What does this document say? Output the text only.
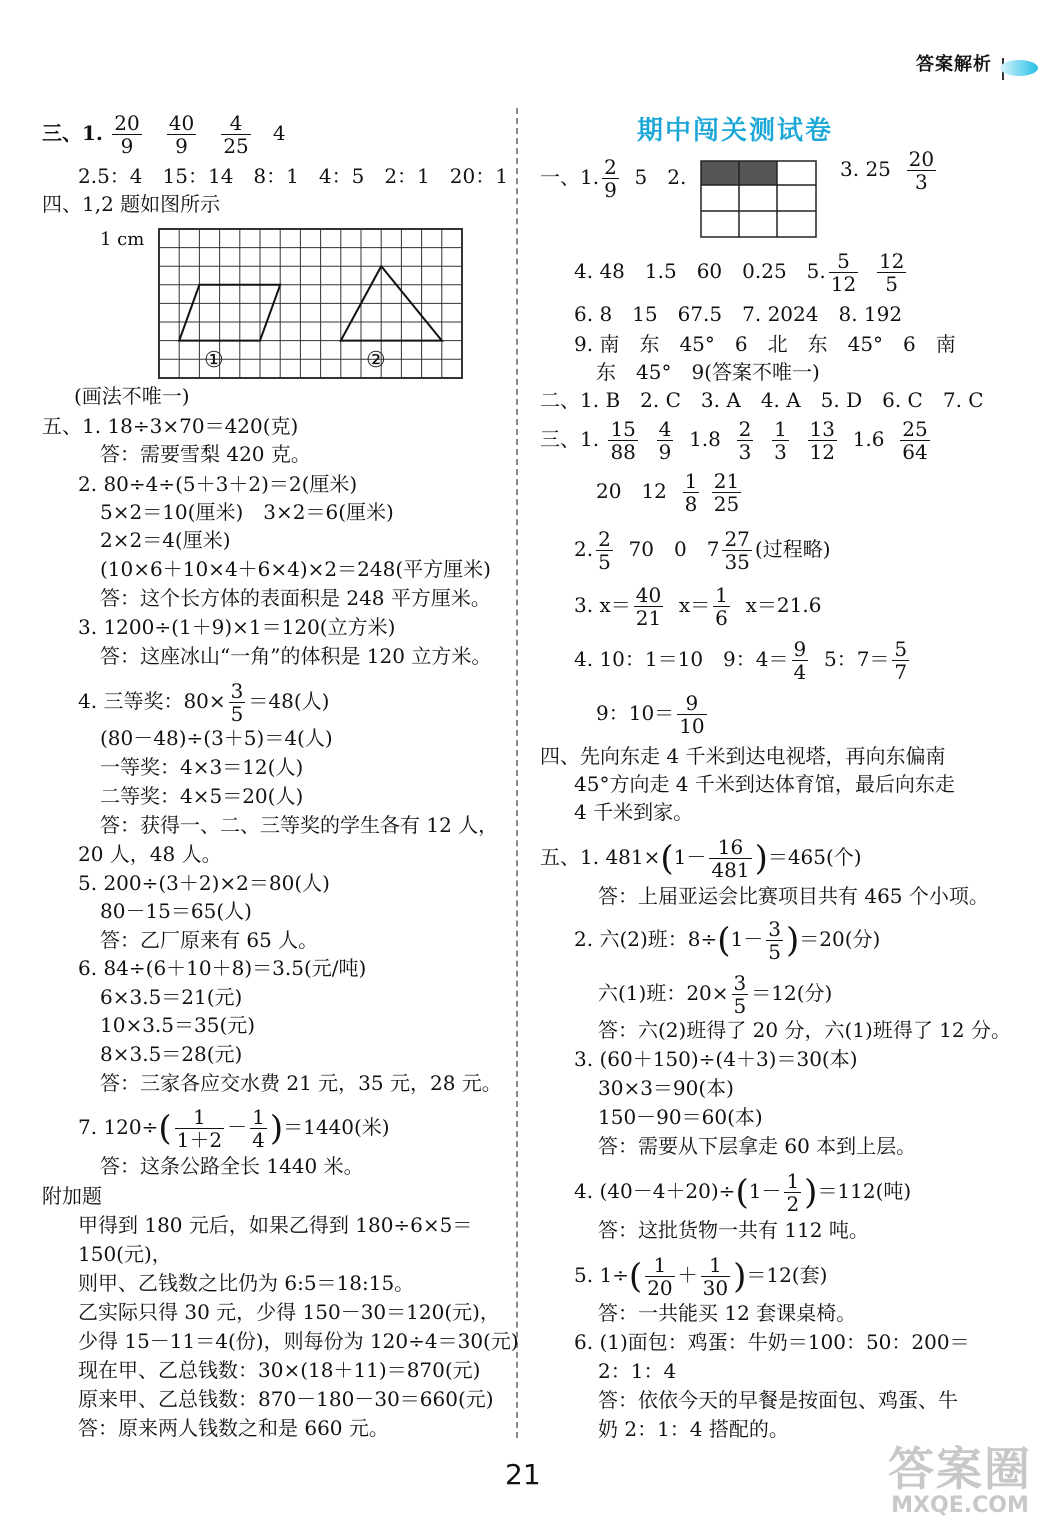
答案解析
三、1. $\frac{20}{9}$
$\frac{40}{9}$
$\frac{4}{25} 4$
2.5：4　15：14　8：1　4：5　2：1　20：1
四、1,2 题如图所示
1 cm
①	②
(画法不唯一)
五、1. 18÷3×70＝420(克)
答：需要雪梨 420 克。
2. 80÷4÷(5＋3＋2)＝2(厘米)
5×2＝10(厘米)　3×2＝6(厘米)
2×2＝4(厘米)
(10×6＋10×4＋6×4)×2＝248(平方厘米)
答：这个长方体的表面积是 248 平方厘米。
3. 1200÷(1＋9)×1＝120(立方米)
答：这座冰山“一角”的体积是 120 立方米。
4. 三等奖：$80\times \frac{3}{5} =48$(人)
(80－48)÷(3＋5)＝4(人)
一等奖：4×3＝12(人)
二等奖：4×5＝20(人)
答：获得一、二、三等奖的学生各有 12 人，
20 人，48 人。
5. 200÷(3＋2)×2＝80(人)
80－15＝65(人)
答：乙厂原来有 65 人。
6. 84÷(6＋10＋8)＝3.5(元/吨)
6×3.5＝21(元)
10×3.5＝35(元)
8×3.5＝28(元)
答：三家各应交水费 21 元，35 元，28 元。
7. $120\div( \frac{1}{1+2} - \frac{1}{4} )=1440$(米)
答：这条公路全长 1440 米。
附加题
甲得到 180 元后，如果乙得到 180÷6×5＝
150(元)，
则甲、乙钱数之比仍为 6:5＝18:15。
乙实际只得 30 元，少得 150－30＝120(元)，
少得 15－11＝4(份)，则每份为 120÷4＝30(元)
现在甲、乙总钱数：30×(18＋11)＝870(元)
原来甲、乙总钱数：870－180－30＝660(元)
答：原来两人钱数之和是 660 元。
期中闯关测试卷
一、1. $\frac{2}{9} 5$　2.	3. $25 \frac{20}{3}$
4. 48　1.5　60　0.25　5. $\frac{5}{12}$
$\frac{12}{5}$
6. 8　15　67.5　7. 2024　8. 192
9. 南　东　45°　6　北　东　45°　6　南
东　45°　9(答案不唯一)
二、1. B　2. C　3. A　4. A　5. D　6. C　7. C
三、1. $\frac{15}{88}$
$\frac{4}{9} 1.8 \frac{2}{3}$
$\frac{1}{3}$
$\frac{13}{12} 1.6 \frac{25}{64}$
20　$12 \frac{1}{8}$
$\frac{21}{25}$
2. $\frac{2}{5} 70$　0　$7 \frac{27}{35}$ (过程略)
3. $x= \frac{40}{21} x= \frac{1}{6} x=21.6$
4. 10：1＝10　9：$4= \frac{9}{4} 5$：$7= \frac{5}{7}$
9：$10= \frac{9}{10}$
四、先向东走 4 千米到达电视塔，再向东偏南
45°方向走 4 千米到达体育馆，最后向东走
4 千米到家。
五、1. $481\times(1- \frac{16}{481} )=465$(个)
答：上届亚运会比赛项目共有 465 个小项。
2. 六(2)班：$8\div(1- \frac{3}{5} )=20$(分)
六(1)班：$20\times \frac{3}{5} =12$(分)
答：六(2)班得了 20 分，六(1)班得了 12 分。
3. (60＋150)÷(4＋3)＝30(本)
30×3＝90(本)
150－90＝60(本)
答：需要从下层拿走 60 本到上层。
4. $(40-4+20)\div(1- \frac{1}{2} )=112$(吨)
答：这批货物一共有 112 吨。
5. $1\div( \frac{1}{20} + \frac{1}{30} )=12$(套)
答：一共能买 12 套课桌椅。
6. (1)面包：鸡蛋：牛奶＝100：50：200＝
2：1：4
答：依依今天的早餐是按面包、鸡蛋、牛
奶 2：1：4 搭配的。
21	答案圈
MXQE.COM
